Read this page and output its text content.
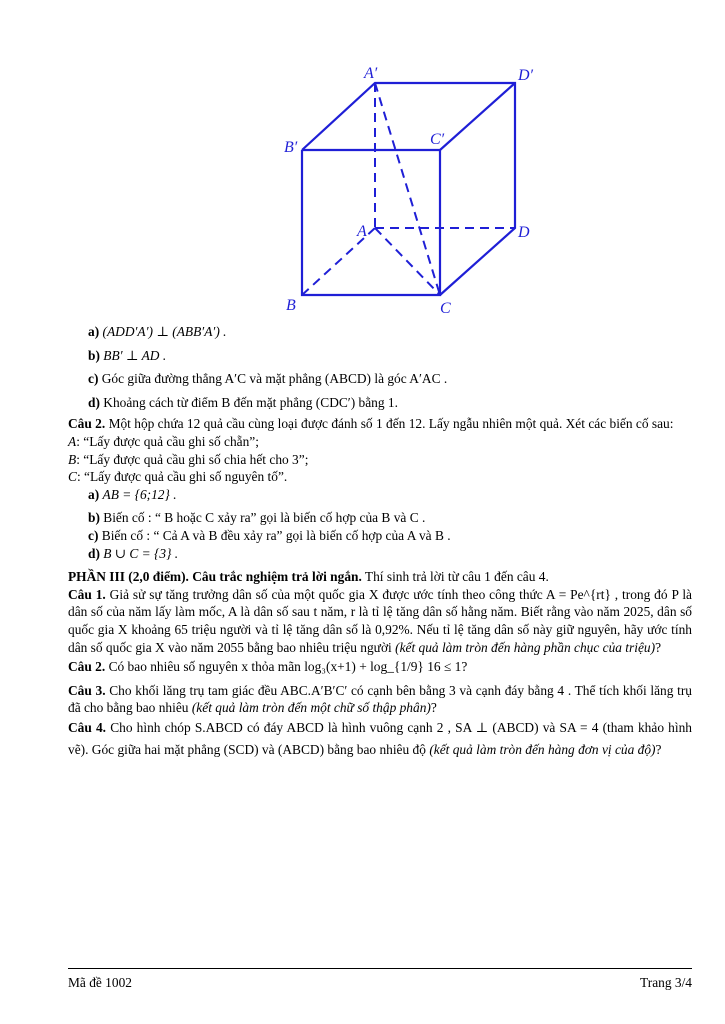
A′	D′
B′	C′
A	D
B	C
a) (ADD′A′) ⊥ (ABB′A′) .
b) BB′ ⊥ AD .
c) Góc giữa đường thẳng A′C và mặt phẳng (ABCD) là góc A′AC .
d) Khoảng cách từ điểm B đến mặt phẳng (CDC′) bằng 1.
Câu 2. Một hộp chứa 12 quả cầu cùng loại được đánh số 1 đến 12. Lấy ngẫu nhiên một quả. Xét các biến cố sau:
A: “Lấy được quả cầu ghi số chẵn”;
B: “Lấy được quả cầu ghi số chia hết cho 3”;
C: “Lấy được quả cầu ghi số nguyên tố”.
a) AB = {6;12} .
b) Biến cố : “ B hoặc C xảy ra” gọi là biến cố hợp của B và C .
c) Biến cố : “ Cả A và B đều xảy ra” gọi là biến cố hợp của A và B .
d) B ∪ C = {3} .
PHẦN III (2,0 điểm). Câu trắc nghiệm trả lời ngắn. Thí sinh trả lời từ câu 1 đến câu 4.
Câu 1. Giả sử sự tăng trưởng dân số của một quốc gia X được ước tính theo công thức A = Pe^{rt} , trong đó P là dân số của năm lấy làm mốc, A là dân số sau t năm, r là tỉ lệ tăng dân số hằng năm. Biết rằng vào năm 2025, dân số quốc gia X khoảng 65 triệu người và tỉ lệ tăng dân số là 0,92%. Nếu tỉ lệ tăng dân số này giữ nguyên, hãy ước tính dân số quốc gia X vào năm 2055 bằng bao nhiêu triệu người (kết quả làm tròn đến hàng phần chục của triệu)?
Câu 2. Có bao nhiêu số nguyên x thỏa mãn log₃(x+1) + log_{1/9} 16 ≤ 1?
Câu 3. Cho khối lăng trụ tam giác đều ABC.A′B′C′ có cạnh bên bằng 3 và cạnh đáy bằng 4 . Thể tích khối lăng trụ đã cho bằng bao nhiêu (kết quả làm tròn đến một chữ số thập phân)?
Câu 4. Cho hình chóp S.ABCD có đáy ABCD là hình vuông cạnh 2 , SA ⊥ (ABCD) và SA = 4 (tham khảo hình vẽ). Góc giữa hai mặt phẳng (SCD) và (ABCD) bằng bao nhiêu độ (kết quả làm tròn đến hàng đơn vị của độ)?
Mã đề 1002	Trang 3/4
